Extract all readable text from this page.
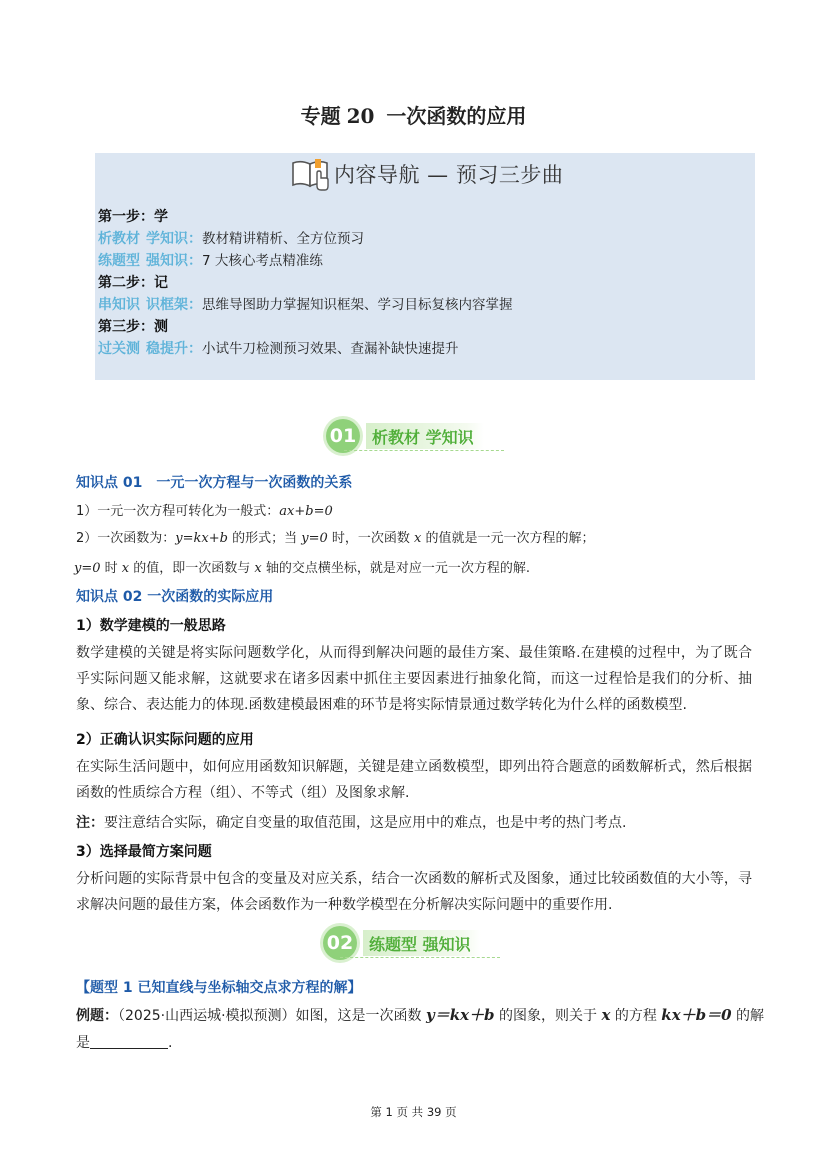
专题 20 一次函数的应用
内容导航 — 预习三步曲
第一步：学
析教材 学知识：教材精讲精析、全方位预习
练题型 强知识：7 大核心考点精准练
第二步：记
串知识 识框架：思维导图助力掌握知识框架、学习目标复核内容掌握
第三步：测
过关测 稳提升：小试牛刀检测预习效果、查漏补缺快速提升
01 析教材 学知识
知识点 01　一元一次方程与一次函数的关系
1）一元一次方程可转化为一般式：ax+b=0
2）一次函数为：y=kx+b 的形式；当 y=0 时，一次函数 x 的值就是一元一次方程的解；
y=0 时 x 的值，即一次函数与 x 轴的交点横坐标，就是对应一元一次方程的解.
知识点 02 一次函数的实际应用
1）数学建模的一般思路
数学建模的关键是将实际问题数学化，从而得到解决问题的最佳方案、最佳策略.在建模的过程中，为了既合乎实际问题又能求解，这就要求在诸多因素中抓住主要因素进行抽象化简，而这一过程恰是我们的分析、抽象、综合、表达能力的体现.函数建模最困难的环节是将实际情景通过数学转化为什么样的函数模型.
2）正确认识实际问题的应用
在实际生活问题中，如何应用函数知识解题，关键是建立函数模型，即列出符合题意的函数解析式，然后根据函数的性质综合方程（组）、不等式（组）及图象求解.
注：要注意结合实际，确定自变量的取值范围，这是应用中的难点，也是中考的热门考点.
3）选择最简方案问题
分析问题的实际背景中包含的变量及对应关系，结合一次函数的解析式及图象，通过比较函数值的大小等，寻求解决问题的最佳方案，体会函数作为一种数学模型在分析解决实际问题中的重要作用.
02 练题型 强知识
【题型 1 已知直线与坐标轴交点求方程的解】
例题：（2025·山西运城·模拟预测）如图，这是一次函数 y＝kx＋b 的图象，则关于 x 的方程 kx＋b＝0 的解
是	.
第 1 页 共 39 页
